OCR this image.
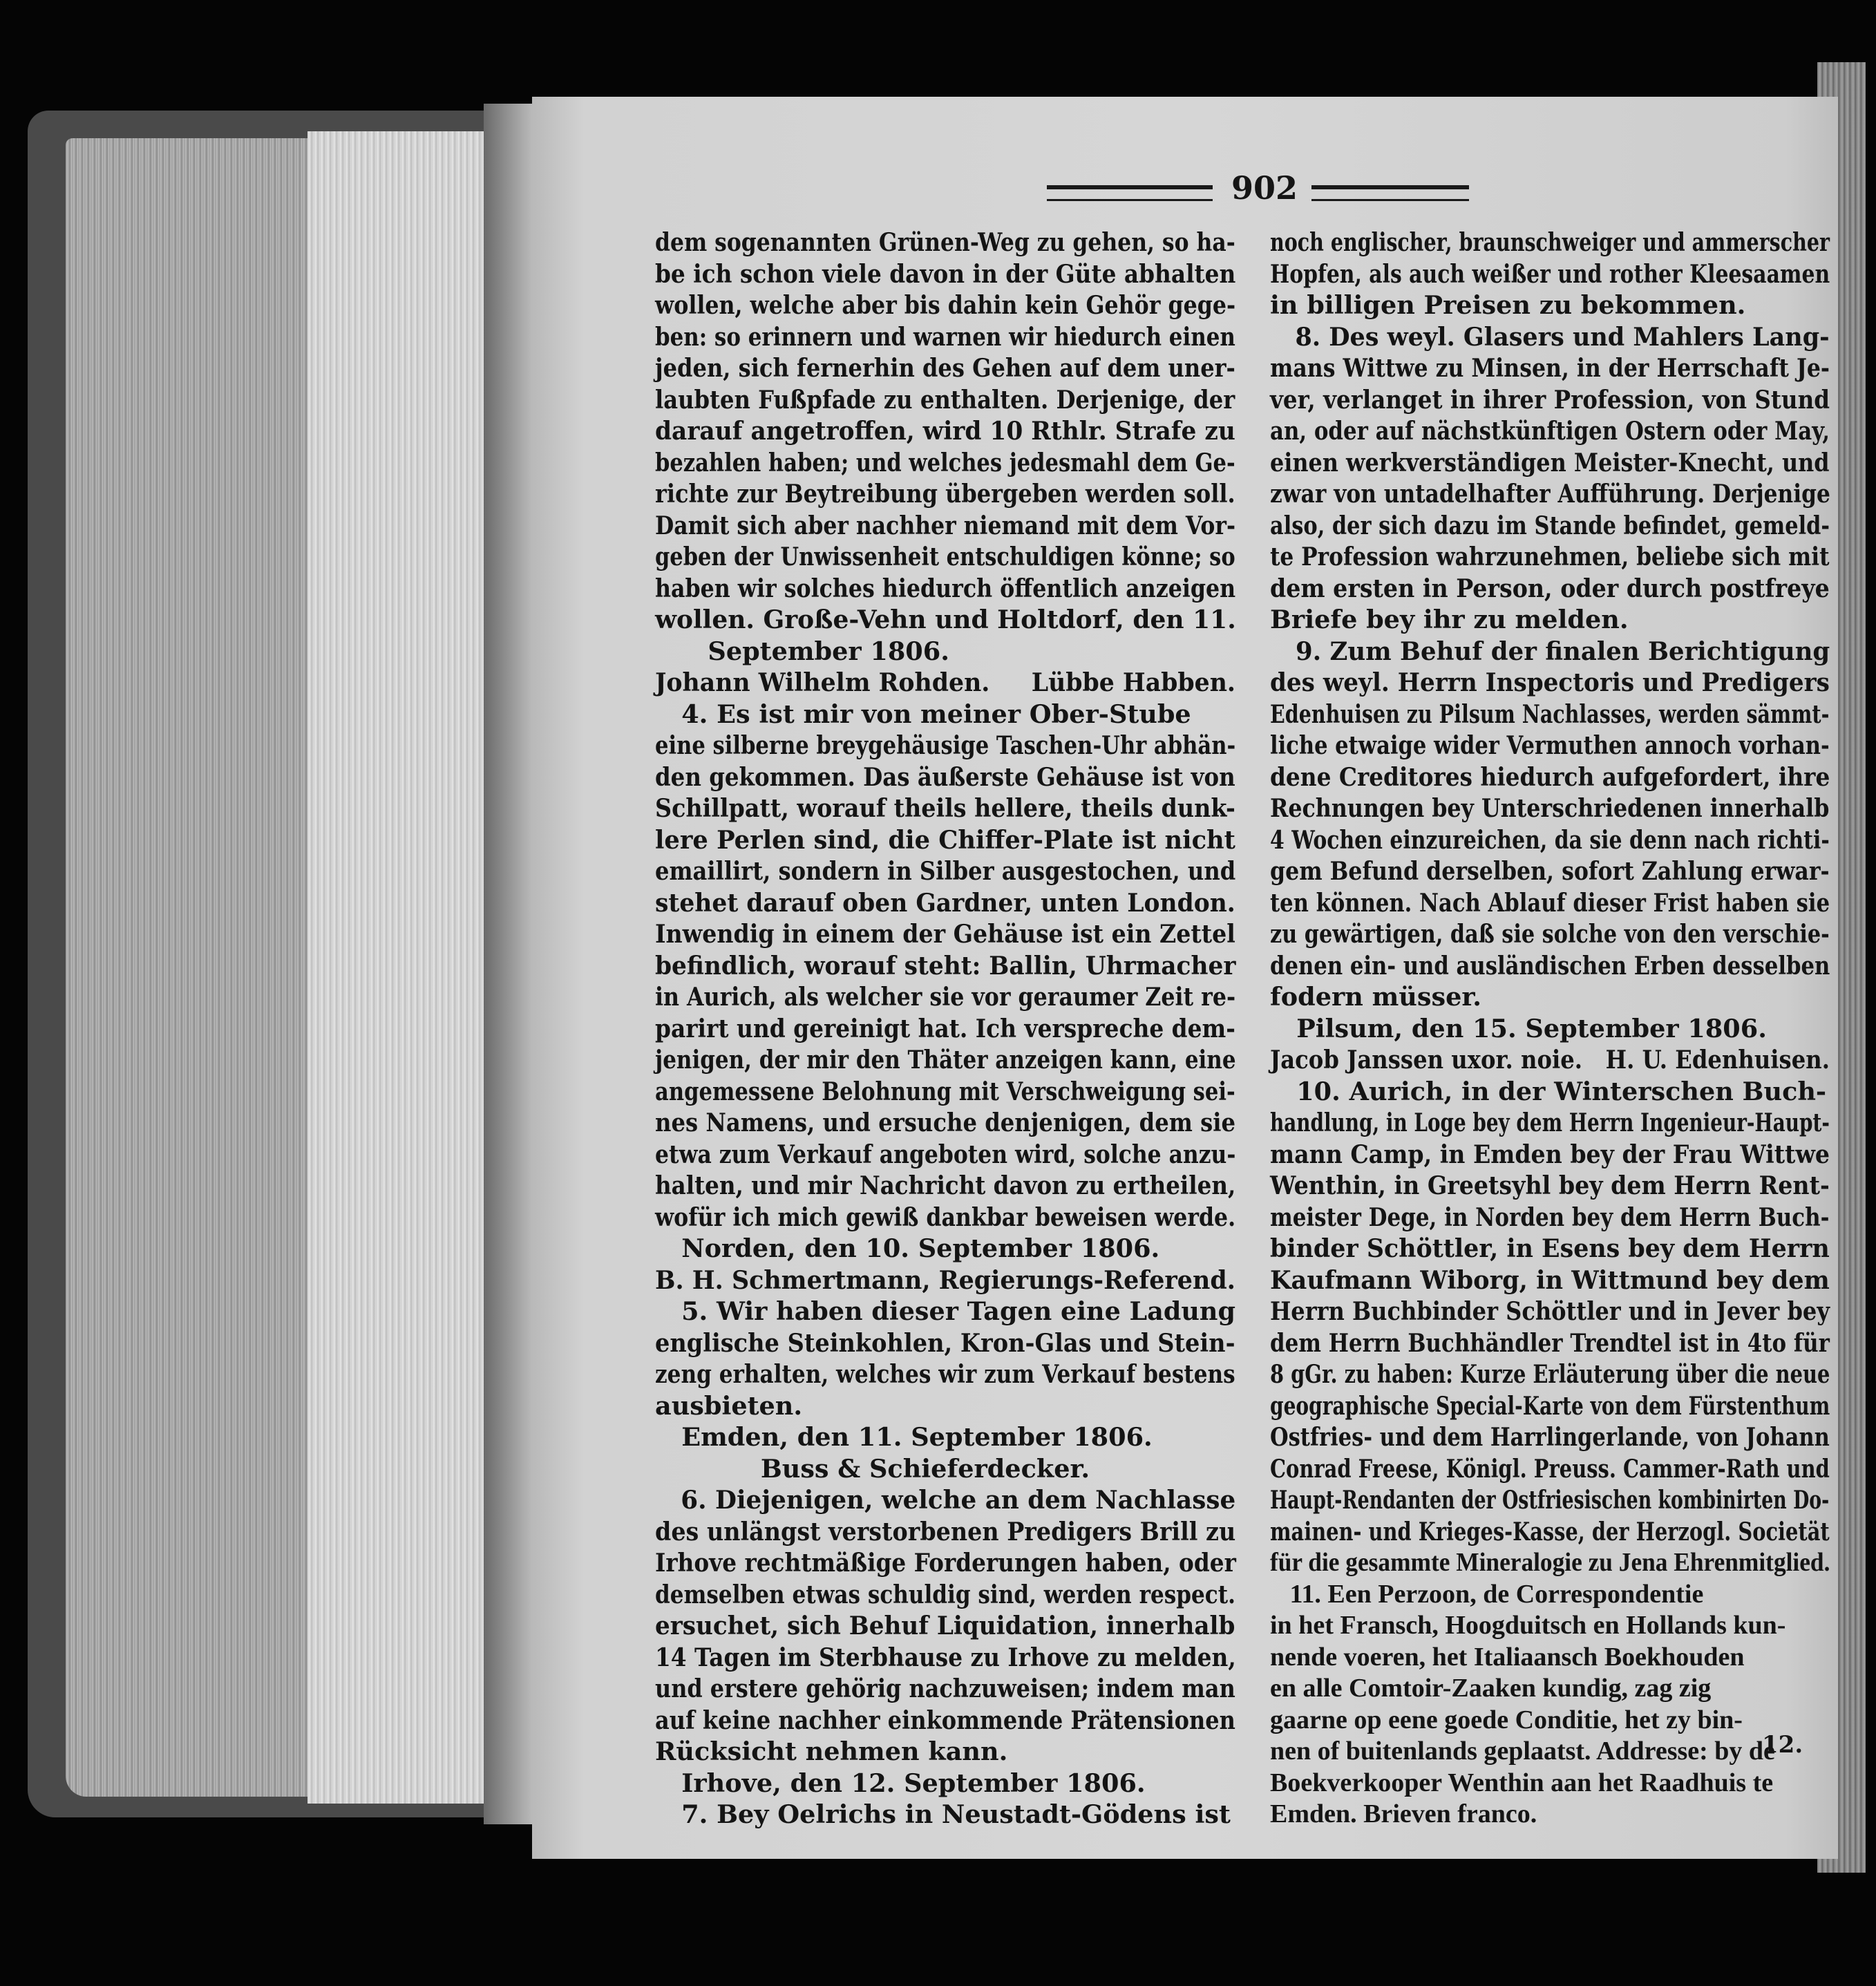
902
dem sogenannten Grünen-Weg zu gehen, so ha-
be ich schon viele davon in der Güte abhalten
wollen, welche aber bis dahin kein Gehör gege-
ben: so erinnern und warnen wir hiedurch einen
jeden, sich fernerhin des Gehen auf dem uner-
laubten Fußpfade zu enthalten. Derjenige, der
darauf angetroffen, wird 10 Rthlr. Strafe zu
bezahlen haben; und welches jedesmahl dem Ge-
richte zur Beytreibung übergeben werden soll.
Damit sich aber nachher niemand mit dem Vor-
geben der Unwissenheit entschuldigen könne; so
haben wir solches hiedurch öffentlich anzeigen
wollen. Große-Vehn und Holtdorf, den 11.
September 1806.
Johann Wilhelm Rohden.     Lübbe Habben.
4. Es ist mir von meiner Ober-Stube
eine silberne breygehäusige Taschen-Uhr abhän-
den gekommen. Das äußerste Gehäuse ist von
Schillpatt, worauf theils hellere, theils dunk-
lere Perlen sind, die Chiffer-Plate ist nicht
emaillirt, sondern in Silber ausgestochen, und
stehet darauf oben Gardner, unten London.
Inwendig in einem der Gehäuse ist ein Zettel
befindlich, worauf steht: Ballin, Uhrmacher
in Aurich, als welcher sie vor geraumer Zeit re-
parirt und gereinigt hat. Ich verspreche dem-
jenigen, der mir den Thäter anzeigen kann, eine
angemessene Belohnung mit Verschweigung sei-
nes Namens, und ersuche denjenigen, dem sie
etwa zum Verkauf angeboten wird, solche anzu-
halten, und mir Nachricht davon zu ertheilen,
wofür ich mich gewiß dankbar beweisen werde.
Norden, den 10. September 1806.
B. H. Schmertmann, Regierungs-Referend.
5. Wir haben dieser Tagen eine Ladung
englische Steinkohlen, Kron-Glas und Stein-
zeng erhalten, welches wir zum Verkauf bestens
ausbieten.
Emden, den 11. September 1806.
Buss & Schieferdecker.
6. Diejenigen, welche an dem Nachlasse
des unlängst verstorbenen Predigers Brill zu
Irhove rechtmäßige Forderungen haben, oder
demselben etwas schuldig sind, werden respect.
ersuchet, sich Behuf Liquidation, innerhalb
14 Tagen im Sterbhause zu Irhove zu melden,
und erstere gehörig nachzuweisen; indem man
auf keine nachher einkommende Prätensionen
Rücksicht nehmen kann.
Irhove, den 12. September 1806.
7. Bey Oelrichs in Neustadt-Gödens ist
noch englischer, braunschweiger und ammerscher
Hopfen, als auch weißer und rother Kleesaamen
in billigen Preisen zu bekommen.
8. Des weyl. Glasers und Mahlers Lang-
mans Wittwe zu Minsen, in der Herrschaft Je-
ver, verlanget in ihrer Profession, von Stund
an, oder auf nächstkünftigen Ostern oder May,
einen werkverständigen Meister-Knecht, und
zwar von untadelhafter Aufführung. Derjenige
also, der sich dazu im Stande befindet, gemeld-
te Profession wahrzunehmen, beliebe sich mit
dem ersten in Person, oder durch postfreye
Briefe bey ihr zu melden.
9. Zum Behuf der finalen Berichtigung
des weyl. Herrn Inspectoris und Predigers
Edenhuisen zu Pilsum Nachlasses, werden sämmt-
liche etwaige wider Vermuthen annoch vorhan-
dene Creditores hiedurch aufgefordert, ihre
Rechnungen bey Unterschriedenen innerhalb
4 Wochen einzureichen, da sie denn nach richti-
gem Befund derselben, sofort Zahlung erwar-
ten können. Nach Ablauf dieser Frist haben sie
zu gewärtigen, daß sie solche von den verschie-
denen ein- und ausländischen Erben desselben
fodern müsser.
Pilsum, den 15. September 1806.
Jacob Janssen uxor. noie.   H. U. Edenhuisen.
10. Aurich, in der Winterschen Buch-
handlung, in Loge bey dem Herrn Ingenieur-Haupt-
mann Camp, in Emden bey der Frau Wittwe
Wenthin, in Greetsyhl bey dem Herrn Rent-
meister Dege, in Norden bey dem Herrn Buch-
binder Schöttler, in Esens bey dem Herrn
Kaufmann Wiborg, in Wittmund bey dem
Herrn Buchbinder Schöttler und in Jever bey
dem Herrn Buchhändler Trendtel ist in 4to für
8 gGr. zu haben: Kurze Erläuterung über die neue
geographische Special-Karte von dem Fürstenthum
Ostfries- und dem Harrlingerlande, von Johann
Conrad Freese, Königl. Preuss. Cammer-Rath und
Haupt-Rendanten der Ostfriesischen kombinirten Do-
mainen- und Krieges-Kasse, der Herzogl. Societät
für die gesammte Mineralogie zu Jena Ehrenmitglied.
11. Een Perzoon, de Correspondentie
in het Fransch, Hoogduitsch en Hollands kun-
nende voeren, het Italiaansch Boekhouden
en alle Comtoir-Zaaken kundig, zag zig
gaarne op eene goede Conditie, het zy bin-
nen of buitenlands geplaatst. Addresse: by de
Boekverkooper Wenthin aan het Raadhuis te
Emden. Brieven franco.
12.
